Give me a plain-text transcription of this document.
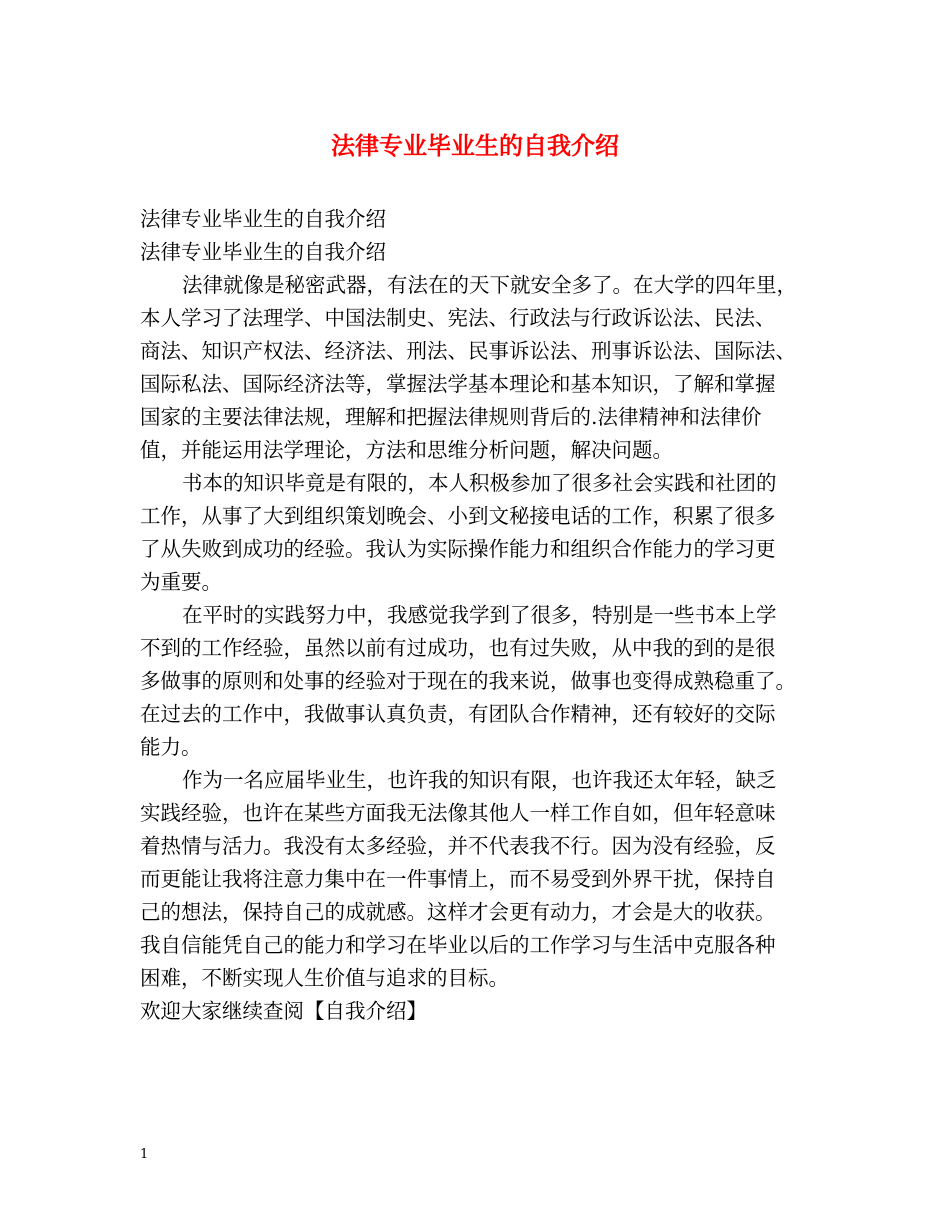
法律专业毕业生的自我介绍
法律专业毕业生的自我介绍
法律专业毕业生的自我介绍
法律就像是秘密武器，有法在的天下就安全多了。在大学的四年里，
本人学习了法理学、中国法制史、宪法、行政法与行政诉讼法、民法、
商法、知识产权法、经济法、刑法、民事诉讼法、刑事诉讼法、国际法、
国际私法、国际经济法等，掌握法学基本理论和基本知识，了解和掌握
国家的主要法律法规，理解和把握法律规则背后的.法律精神和法律价
值，并能运用法学理论，方法和思维分析问题，解决问题。
书本的知识毕竟是有限的，本人积极参加了很多社会实践和社团的
工作，从事了大到组织策划晚会、小到文秘接电话的工作，积累了很多
了从失败到成功的经验。我认为实际操作能力和组织合作能力的学习更
为重要。
在平时的实践努力中，我感觉我学到了很多，特别是一些书本上学
不到的工作经验，虽然以前有过成功，也有过失败，从中我的到的是很
多做事的原则和处事的经验对于现在的我来说，做事也变得成熟稳重了。
在过去的工作中，我做事认真负责，有团队合作精神，还有较好的交际
能力。
作为一名应届毕业生，也许我的知识有限，也许我还太年轻，缺乏
实践经验，也许在某些方面我无法像其他人一样工作自如，但年轻意味
着热情与活力。我没有太多经验，并不代表我不行。因为没有经验，反
而更能让我将注意力集中在一件事情上，而不易受到外界干扰，保持自
己的想法，保持自己的成就感。这样才会更有动力，才会是大的收获。
我自信能凭自己的能力和学习在毕业以后的工作学习与生活中克服各种
困难，不断实现人生价值与追求的目标。
欢迎大家继续查阅【自我介绍】
1
